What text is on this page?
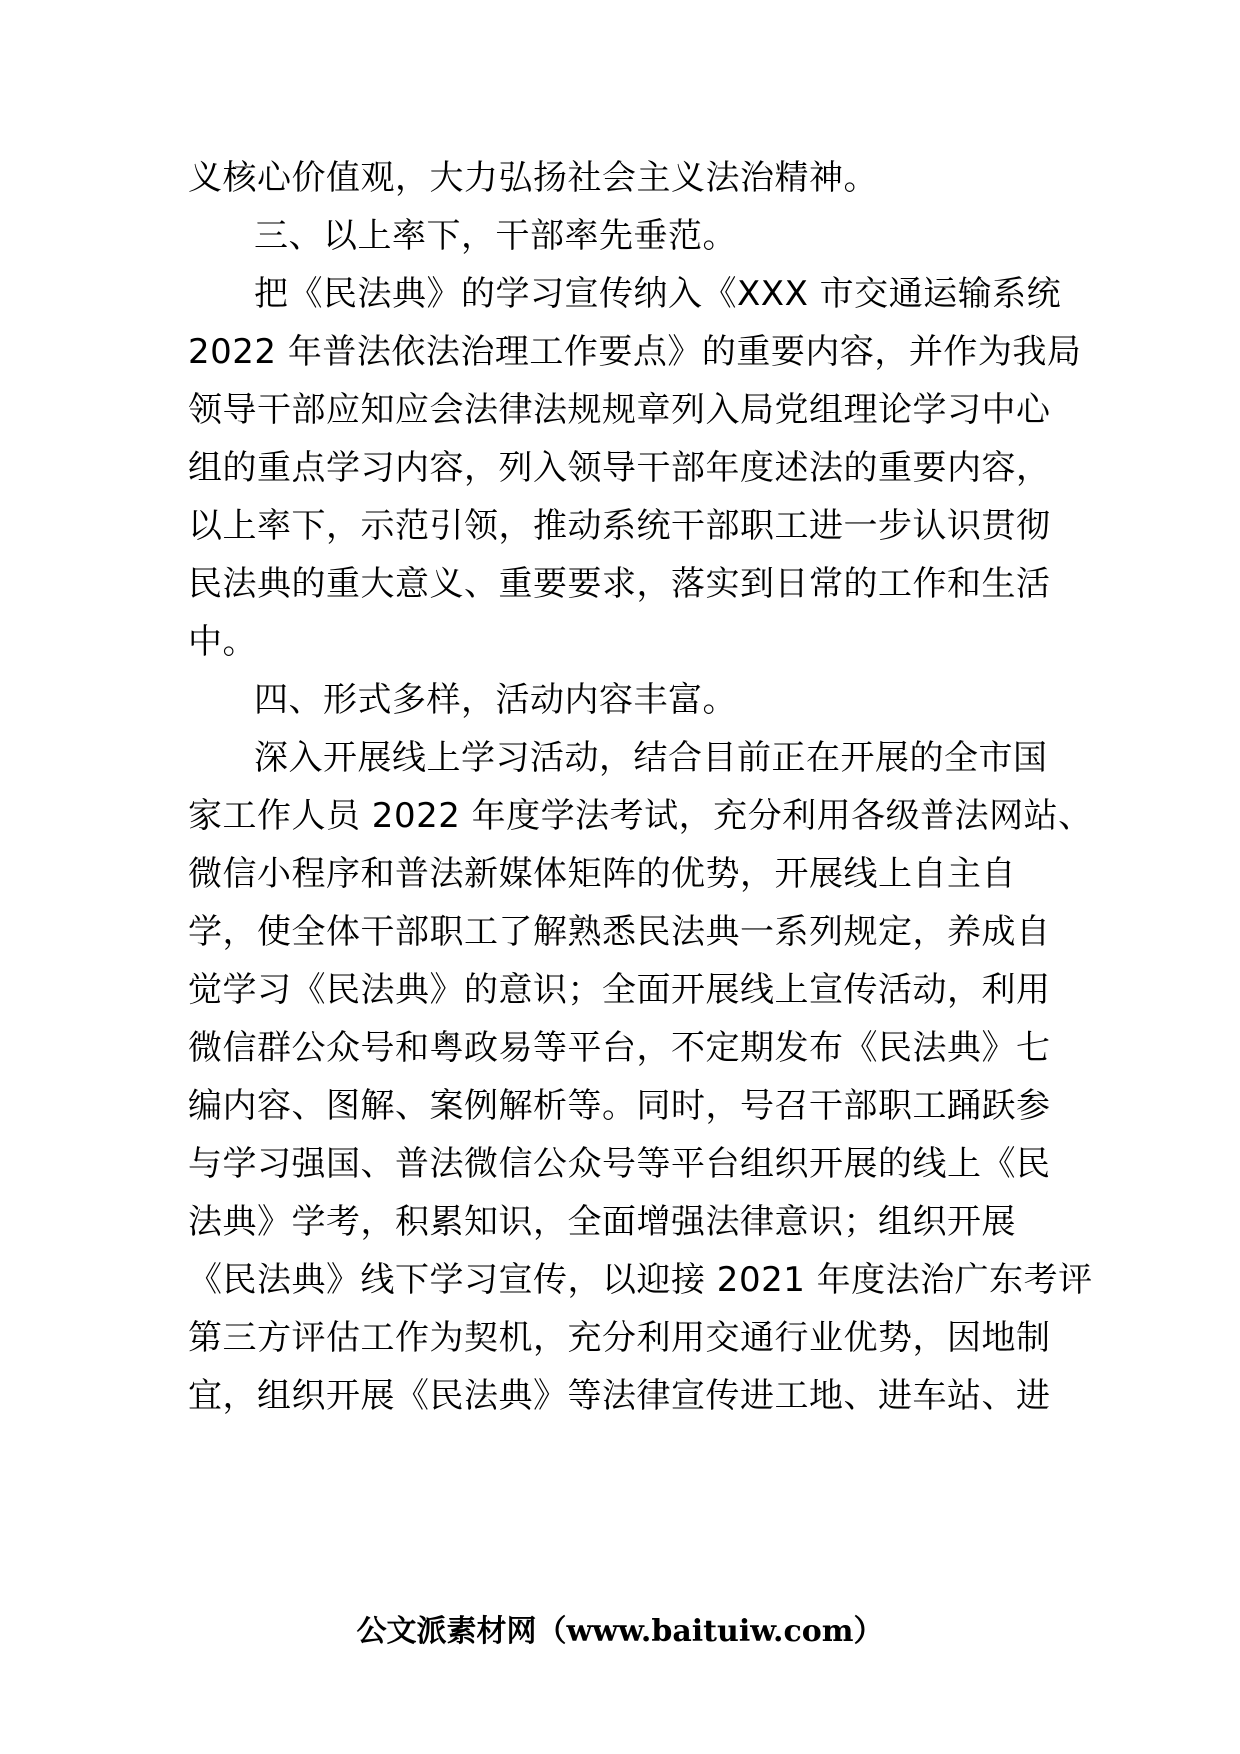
义核心价值观，大力弘扬社会主义法治精神。
三、以上率下，干部率先垂范。
把《民法典》的学习宣传纳入《XXX 市交通运输系统
2022 年普法依法治理工作要点》的重要内容，并作为我局
领导干部应知应会法律法规规章列入局党组理论学习中心
组的重点学习内容，列入领导干部年度述法的重要内容，
以上率下，示范引领，推动系统干部职工进一步认识贯彻
民法典的重大意义、重要要求，落实到日常的工作和生活
中。
四、形式多样，活动内容丰富。
深入开展线上学习活动，结合目前正在开展的全市国
家工作人员 2022 年度学法考试，充分利用各级普法网站、
微信小程序和普法新媒体矩阵的优势，开展线上自主自
学，使全体干部职工了解熟悉民法典一系列规定，养成自
觉学习《民法典》的意识；全面开展线上宣传活动，利用
微信群公众号和粤政易等平台，不定期发布《民法典》七
编内容、图解、案例解析等。同时，号召干部职工踊跃参
与学习强国、普法微信公众号等平台组织开展的线上《民
法典》学考，积累知识，全面增强法律意识；组织开展
《民法典》线下学习宣传，以迎接 2021 年度法治广东考评
第三方评估工作为契机，充分利用交通行业优势，因地制
宜，组织开展《民法典》等法律宣传进工地、进车站、进
公文派素材网（www.baituiw.com）
